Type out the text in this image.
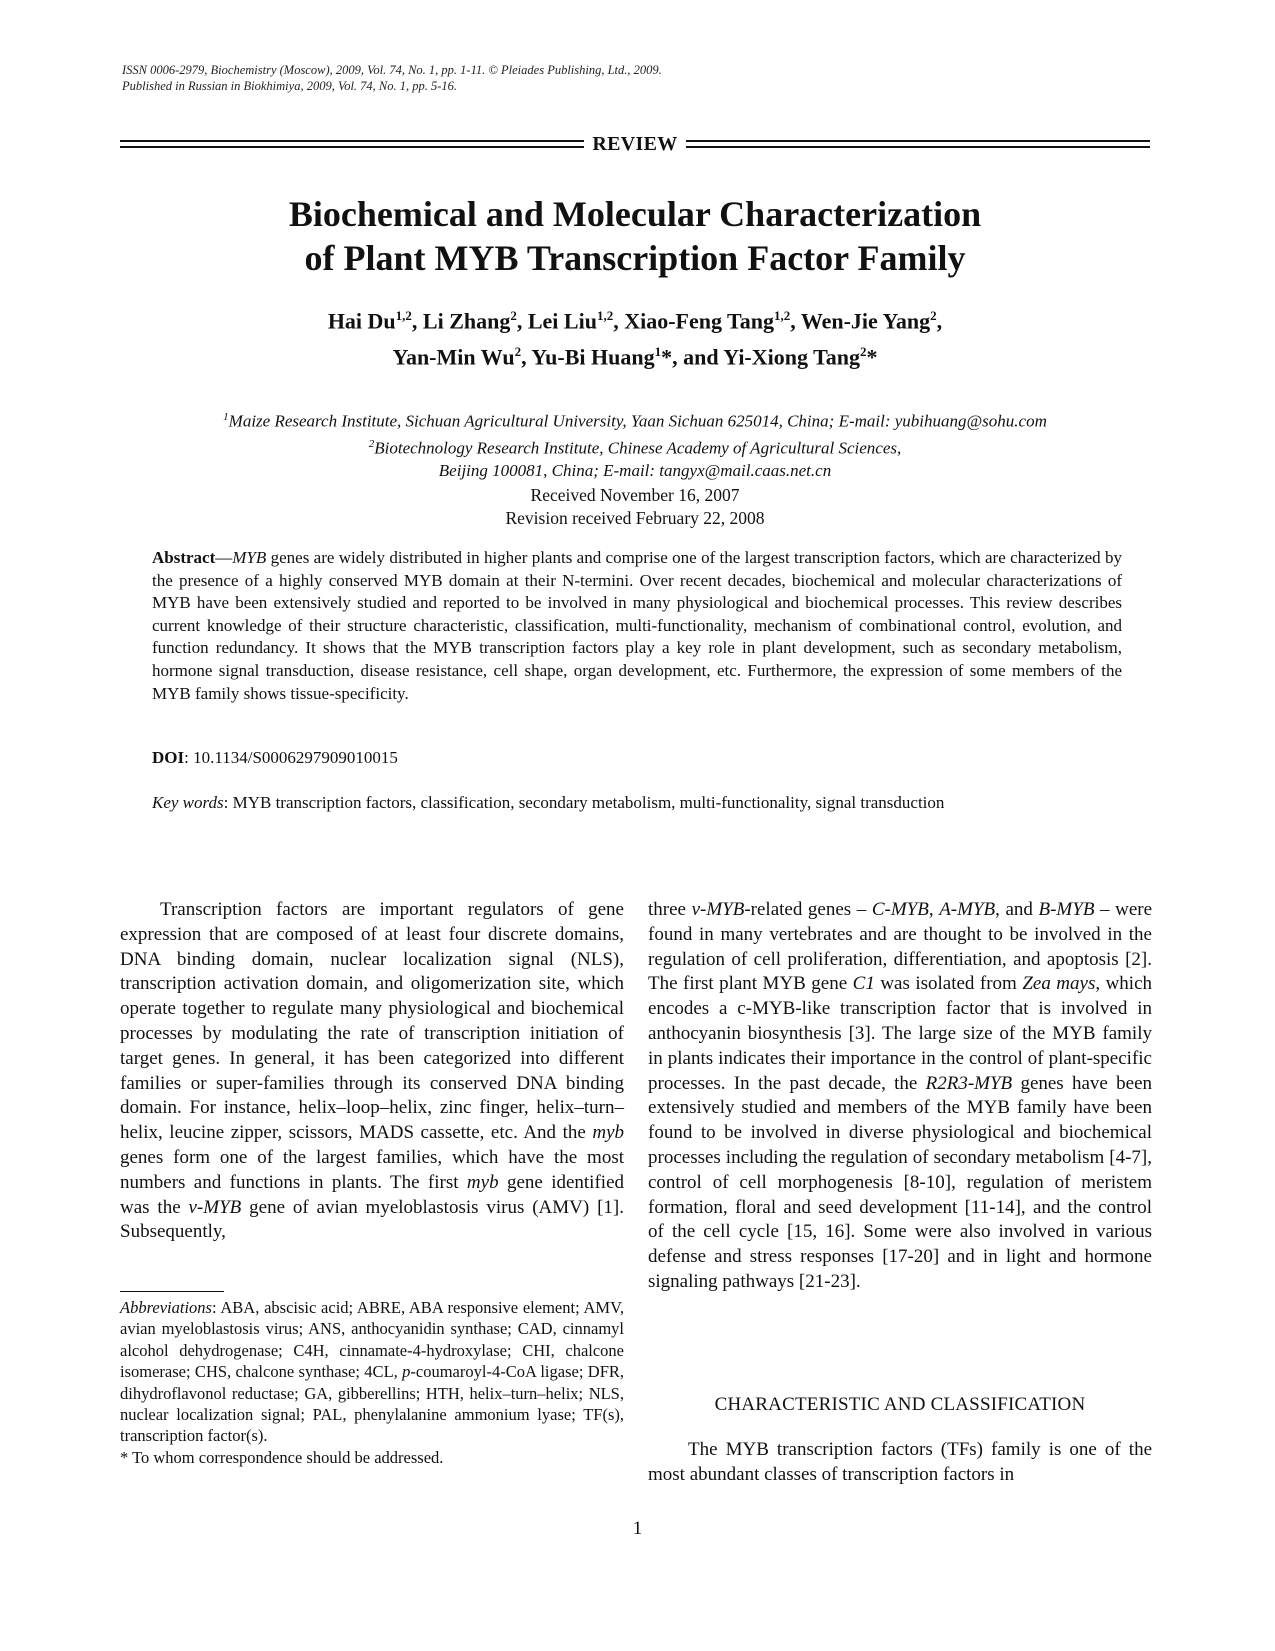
ISSN 0006-2979, Biochemistry (Moscow), 2009, Vol. 74, No. 1, pp. 1-11. © Pleiades Publishing, Ltd., 2009.
Published in Russian in Biokhimiya, 2009, Vol. 74, No. 1, pp. 5-16.
REVIEW
Biochemical and Molecular Characterization
of Plant MYB Transcription Factor Family
Hai Du$^{1,2}$, Li Zhang$^2$, Lei Liu$^{1,2}$, Xiao-Feng Tang$^{1,2}$, Wen-Jie Yang$^2$,
Yan-Min Wu$^2$, Yu-Bi Huang$^1$*, and Yi-Xiong Tang$^2$*
$^1$Maize Research Institute, Sichuan Agricultural University, Yaan Sichuan 625014, China; E-mail: yubihuang@sohu.com
$^2$Biotechnology Research Institute, Chinese Academy of Agricultural Sciences,
Beijing 100081, China; E-mail: tangyx@mail.caas.net.cn
Received November 16, 2007
Revision received February 22, 2008
Abstract—MYB genes are widely distributed in higher plants and comprise one of the largest transcription factors, which are characterized by the presence of a highly conserved MYB domain at their N-termini. Over recent decades, biochemical and molecular characterizations of MYB have been extensively studied and reported to be involved in many physiological and biochemical processes. This review describes current knowledge of their structure characteristic, classification, multi-functionality, mechanism of combinational control, evolution, and function redundancy. It shows that the MYB transcription factors play a key role in plant development, such as secondary metabolism, hormone signal transduction, disease resistance, cell shape, organ development, etc. Furthermore, the expression of some members of the MYB family shows tissue-specificity.
DOI: 10.1134/S0006297909010015
Key words: MYB transcription factors, classification, secondary metabolism, multi-functionality, signal transduction

Transcription factors are important regulators of gene expression that are composed of at least four discrete domains, DNA binding domain, nuclear localization signal (NLS), transcription activation domain, and oligomerization site, which operate together to regulate many physiological and biochemical processes by modulating the rate of transcription initiation of target genes. In general, it has been categorized into different families or super-families through its conserved DNA binding domain. For instance, helix–loop–helix, zinc finger, helix–turn–helix, leucine zipper, scissors, MADS cassette, etc. And the myb genes form one of the largest families, which have the most numbers and functions in plants. The first myb gene identified was the v-MYB gene of avian myeloblastosis virus (AMV) [1]. Subsequently,

Abbreviations: ABA, abscisic acid; ABRE, ABA responsive element; AMV, avian myeloblastosis virus; ANS, anthocyanidin synthase; CAD, cinnamyl alcohol dehydrogenase; C4H, cinnamate-4-hydroxylase; CHI, chalcone isomerase; CHS, chalcone synthase; 4CL, p-coumaroyl-4-CoA ligase; DFR, dihydroflavonol reductase; GA, gibberellins; HTH, helix–turn–helix; NLS, nuclear localization signal; PAL, phenylalanine ammonium lyase; TF(s), transcription factor(s).

* To whom correspondence should be addressed.

three v-MYB-related genes – C-MYB, A-MYB, and B-MYB – were found in many vertebrates and are thought to be involved in the regulation of cell proliferation, differentiation, and apoptosis [2]. The first plant MYB gene C1 was isolated from Zea mays, which encodes a c-MYB-like transcription factor that is involved in anthocyanin biosynthesis [3]. The large size of the MYB family in plants indicates their importance in the control of plant-specific processes. In the past decade, the R2R3-MYB genes have been extensively studied and members of the MYB family have been found to be involved in diverse physiological and biochemical processes including the regulation of secondary metabolism [4-7], control of cell morphogenesis [8-10], regulation of meristem formation, floral and seed development [11-14], and the control of the cell cycle [15, 16]. Some were also involved in various defense and stress responses [17-20] and in light and hormone signaling pathways [21-23].

CHARACTERISTIC AND CLASSIFICATION

The MYB transcription factors (TFs) family is one of the most abundant classes of transcription factors in

1
